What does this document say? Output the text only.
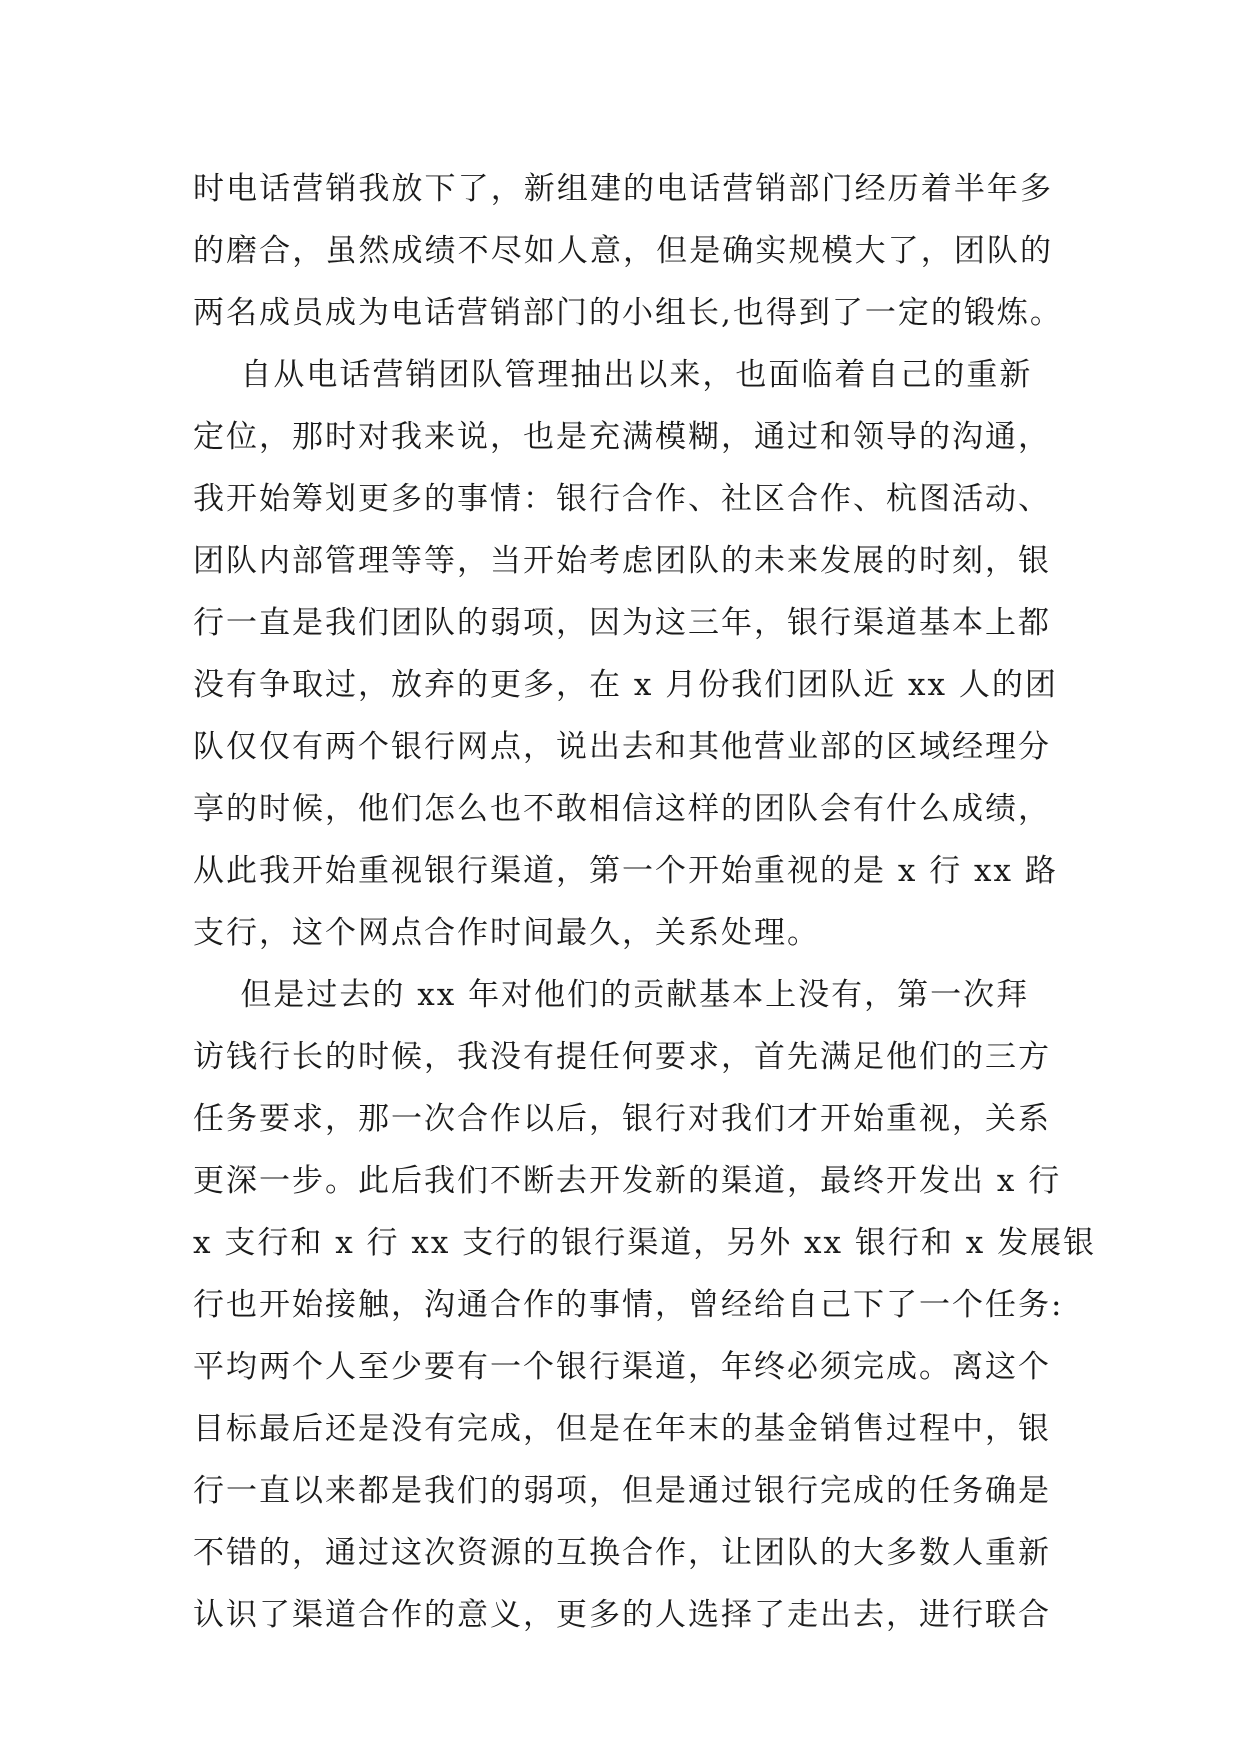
时电话营销我放下了，新组建的电话营销部门经历着半年多
的磨合，虽然成绩不尽如人意，但是确实规模大了，团队的
两名成员成为电话营销部门的小组长,也得到了一定的锻炼。
自从电话营销团队管理抽出以来，也面临着自己的重新
定位，那时对我来说，也是充满模糊，通过和领导的沟通，
我开始筹划更多的事情：银行合作、社区合作、杭图活动、
团队内部管理等等，当开始考虑团队的未来发展的时刻，银
行一直是我们团队的弱项，因为这三年，银行渠道基本上都
没有争取过，放弃的更多，在 x 月份我们团队近 xx 人的团
队仅仅有两个银行网点，说出去和其他营业部的区域经理分
享的时候，他们怎么也不敢相信这样的团队会有什么成绩，
从此我开始重视银行渠道，第一个开始重视的是 x 行 xx 路
支行，这个网点合作时间最久，关系处理。
但是过去的 xx 年对他们的贡献基本上没有，第一次拜
访钱行长的时候，我没有提任何要求，首先满足他们的三方
任务要求，那一次合作以后，银行对我们才开始重视，关系
更深一步。此后我们不断去开发新的渠道，最终开发出 x 行
x 支行和 x 行 xx 支行的银行渠道，另外 xx 银行和 x 发展银
行也开始接触，沟通合作的事情，曾经给自己下了一个任务:
平均两个人至少要有一个银行渠道，年终必须完成。离这个
目标最后还是没有完成，但是在年末的基金销售过程中，银
行一直以来都是我们的弱项，但是通过银行完成的任务确是
不错的，通过这次资源的互换合作，让团队的大多数人重新
认识了渠道合作的意义，更多的人选择了走出去，进行联合
